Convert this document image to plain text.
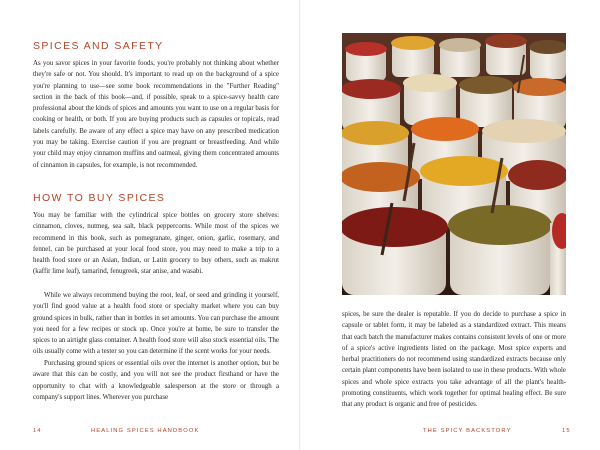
SPICES AND SAFETY

As you savor spices in your favorite foods, you're probably not thinking about whether they're safe or not. You should. It's important to read up on the background of a spice you're planning to use—see some book recommendations in the "Further Reading" section in the back of this book—and, if possible, speak to a spice-savvy health care professional about the kinds of spices and amounts you want to use on a regular basis for cooking or health, or both. If you are buying products such as capsules or topicals, read labels carefully. Be aware of any effect a spice may have on any prescribed medication you may be taking. Exercise caution if you are pregnant or breastfeeding. And while your child may enjoy cinnamon muffins and oatmeal, giving them concentrated amounts of cinnamon in capsules, for example, is not recommended.

HOW TO BUY SPICES

You may be familiar with the cylindrical spice bottles on grocery store shelves: cinnamon, cloves, nutmeg, sea salt, black peppercorns. While most of the spices we recommend in this book, such as pomegranate, ginger, onion, garlic, rosemary, and fennel, can be purchased at your local food store, you may need to make a trip to a health food store or an Asian, Indian, or Latin grocery to buy others, such as makrut (kaffir lime leaf), tamarind, fenugreek, star anise, and wasabi.

While we always recommend buying the root, leaf, or seed and grinding it yourself, you'll find good value at a health food store or specialty market where you can buy ground spices in bulk, rather than in bottles in set amounts. You can purchase the amount you need for a few recipes or stock up. Once you're at home, be sure to transfer the spices to an airtight glass container. A health food store will also stock essential oils. The oils usually come with a tester so you can determine if the scent works for your needs.

Purchasing ground spices or essential oils over the internet is another option, but be aware that this can be costly, and you will not see the product firsthand or have the opportunity to chat with a knowledgeable salesperson at the store or through a company's support lines. Wherever you purchase

14	HEALING SPICES HANDBOOK

spices, be sure the dealer is reputable. If you do decide to purchase a spice in capsule or tablet form, it may be labeled as a standardized extract. This means that each batch the manufacturer makes contains consistent levels of one or more of a spice's active ingredients listed on the package. Most spice experts and herbal practitioners do not recommend using standardized extracts because only certain plant components have been isolated to use in these products. With whole spices and whole spice extracts you take advantage of all the plant's health-promoting constituents, which work together for optimal healing effect. Be sure that any product is organic and free of pesticides.

THE SPICY BACKSTORY	15
